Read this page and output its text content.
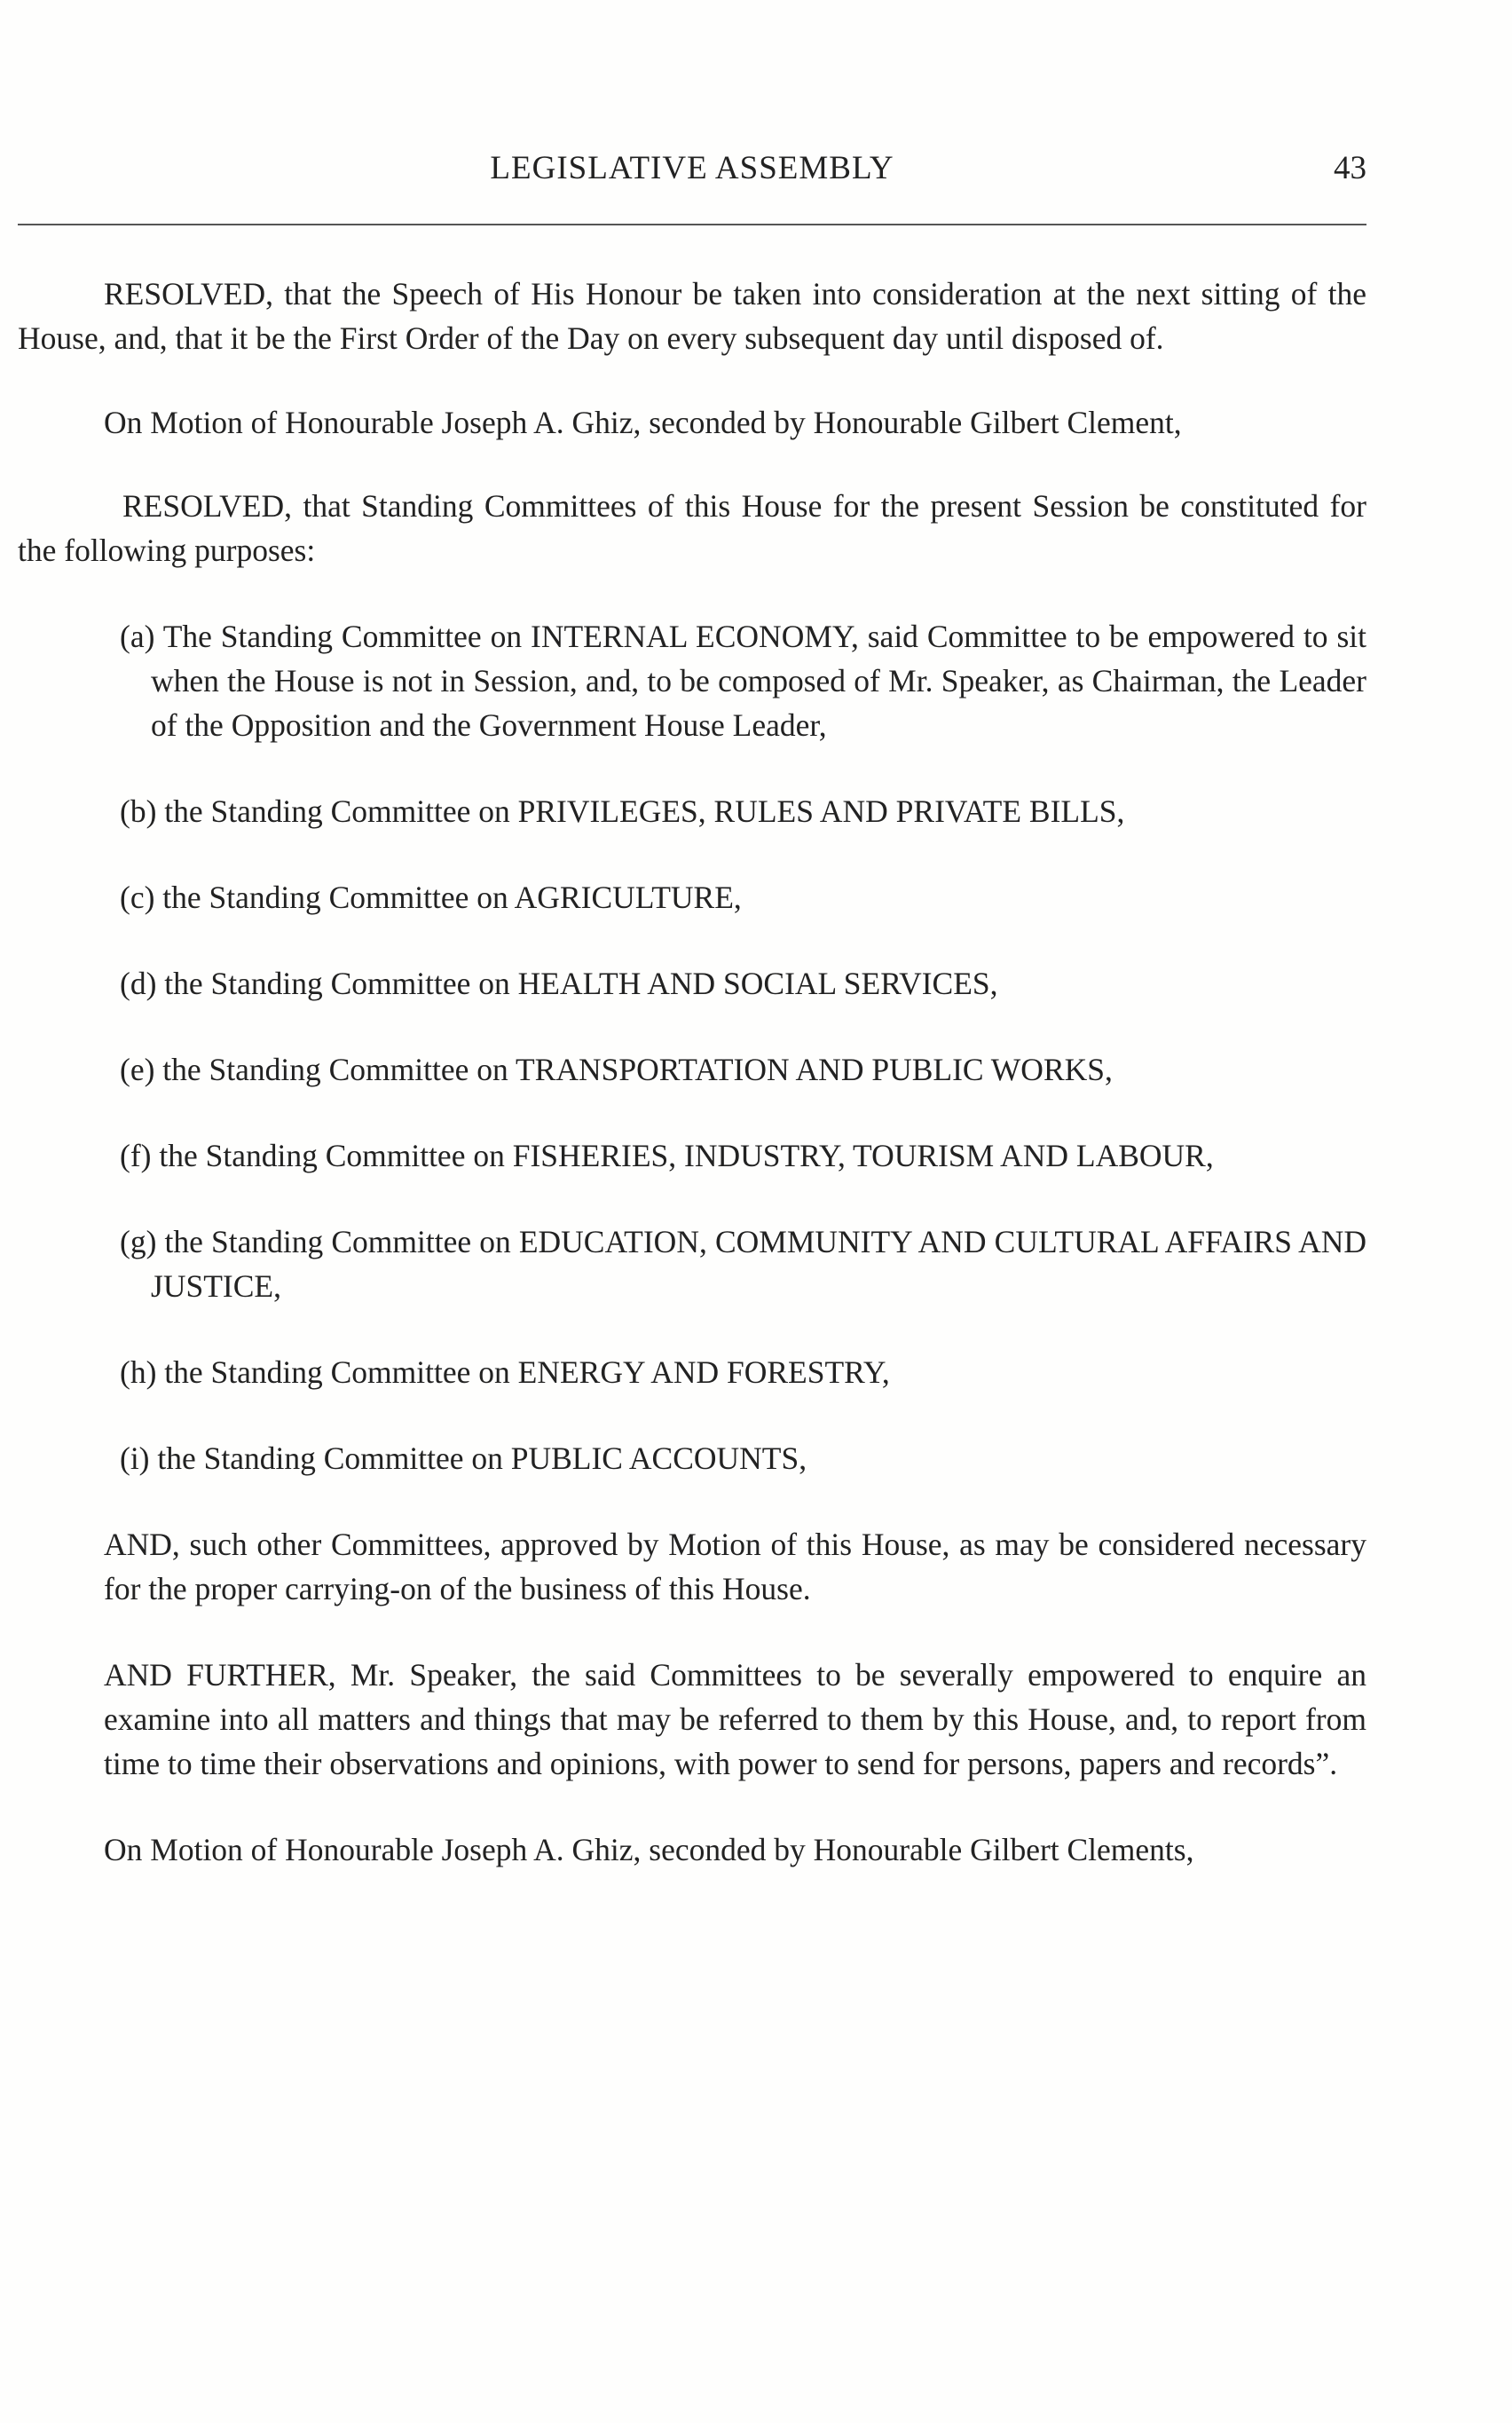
LEGISLATIVE ASSEMBLY	43

RESOLVED, that the Speech of His Honour be taken into consideration at the next sitting of the House, and, that it be the First Order of the Day on every subsequent day until disposed of.

On Motion of Honourable Joseph A. Ghiz, seconded by Honourable Gilbert Clement,

RESOLVED, that Standing Committees of this House for the present Session be constituted for the following purposes:

(a) The Standing Committee on INTERNAL ECONOMY, said Committee to be empowered to sit when the House is not in Session, and, to be composed of Mr. Speaker, as Chairman, the Leader of the Opposition and the Government House Leader,

(b) the Standing Committee on PRIVILEGES, RULES AND PRIVATE BILLS,

(c) the Standing Committee on AGRICULTURE,

(d) the Standing Committee on HEALTH AND SOCIAL SERVICES,

(e) the Standing Committee on TRANSPORTATION AND PUBLIC WORKS,

(f) the Standing Committee on FISHERIES, INDUSTRY, TOURISM AND LABOUR,

(g) the Standing Committee on EDUCATION, COMMUNITY AND CULTURAL AFFAIRS AND JUSTICE,

(h) the Standing Committee on ENERGY AND FORESTRY,

(i) the Standing Committee on PUBLIC ACCOUNTS,

AND, such other Committees, approved by Motion of this House, as may be considered necessary for the proper carrying-on of the business of this House.

AND FURTHER, Mr. Speaker, the said Committees to be severally empowered to enquire an examine into all matters and things that may be referred to them by this House, and, to report from time to time their observations and opinions, with power to send for persons, papers and records”.

On Motion of Honourable Joseph A. Ghiz, seconded by Honourable Gilbert Clements,
